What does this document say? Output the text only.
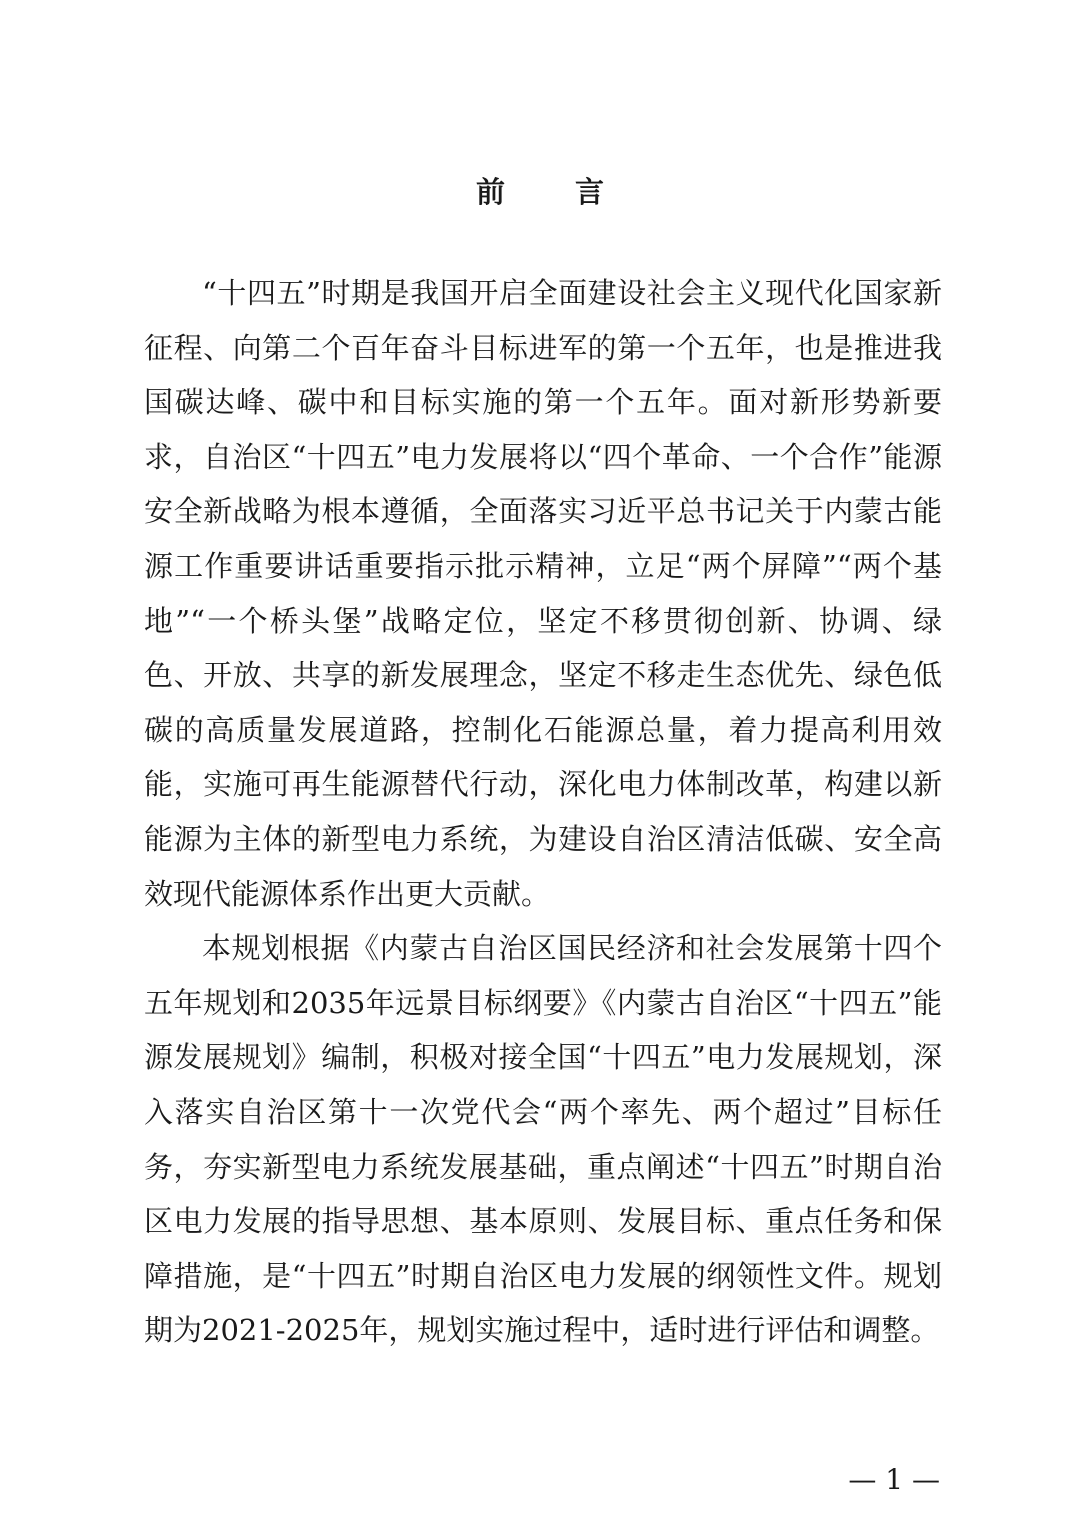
前 言

“十四五”时期是我国开启全面建设社会主义现代化国家新征程、向第二个百年奋斗目标进军的第一个五年，也是推进我国碳达峰、碳中和目标实施的第一个五年。面对新形势新要求，自治区“十四五”电力发展将以“四个革命、一个合作”能源安全新战略为根本遵循，全面落实习近平总书记关于内蒙古能源工作重要讲话重要指示批示精神，立足“两个屏障”“两个基地”“一个桥头堡”战略定位，坚定不移贯彻创新、协调、绿色、开放、共享的新发展理念，坚定不移走生态优先、绿色低碳的高质量发展道路，控制化石能源总量，着力提高利用效能，实施可再生能源替代行动，深化电力体制改革，构建以新能源为主体的新型电力系统，为建设自治区清洁低碳、安全高效现代能源体系作出更大贡献。

本规划根据《内蒙古自治区国民经济和社会发展第十四个五年规划和2035年远景目标纲要》《内蒙古自治区“十四五”能源发展规划》编制，积极对接全国“十四五”电力发展规划，深入落实自治区第十一次党代会“两个率先、两个超过”目标任务，夯实新型电力系统发展基础，重点阐述“十四五”时期自治区电力发展的指导思想、基本原则、发展目标、重点任务和保障措施，是“十四五”时期自治区电力发展的纲领性文件。规划期为2021-2025年，规划实施过程中，适时进行评估和调整。

— 1 —
